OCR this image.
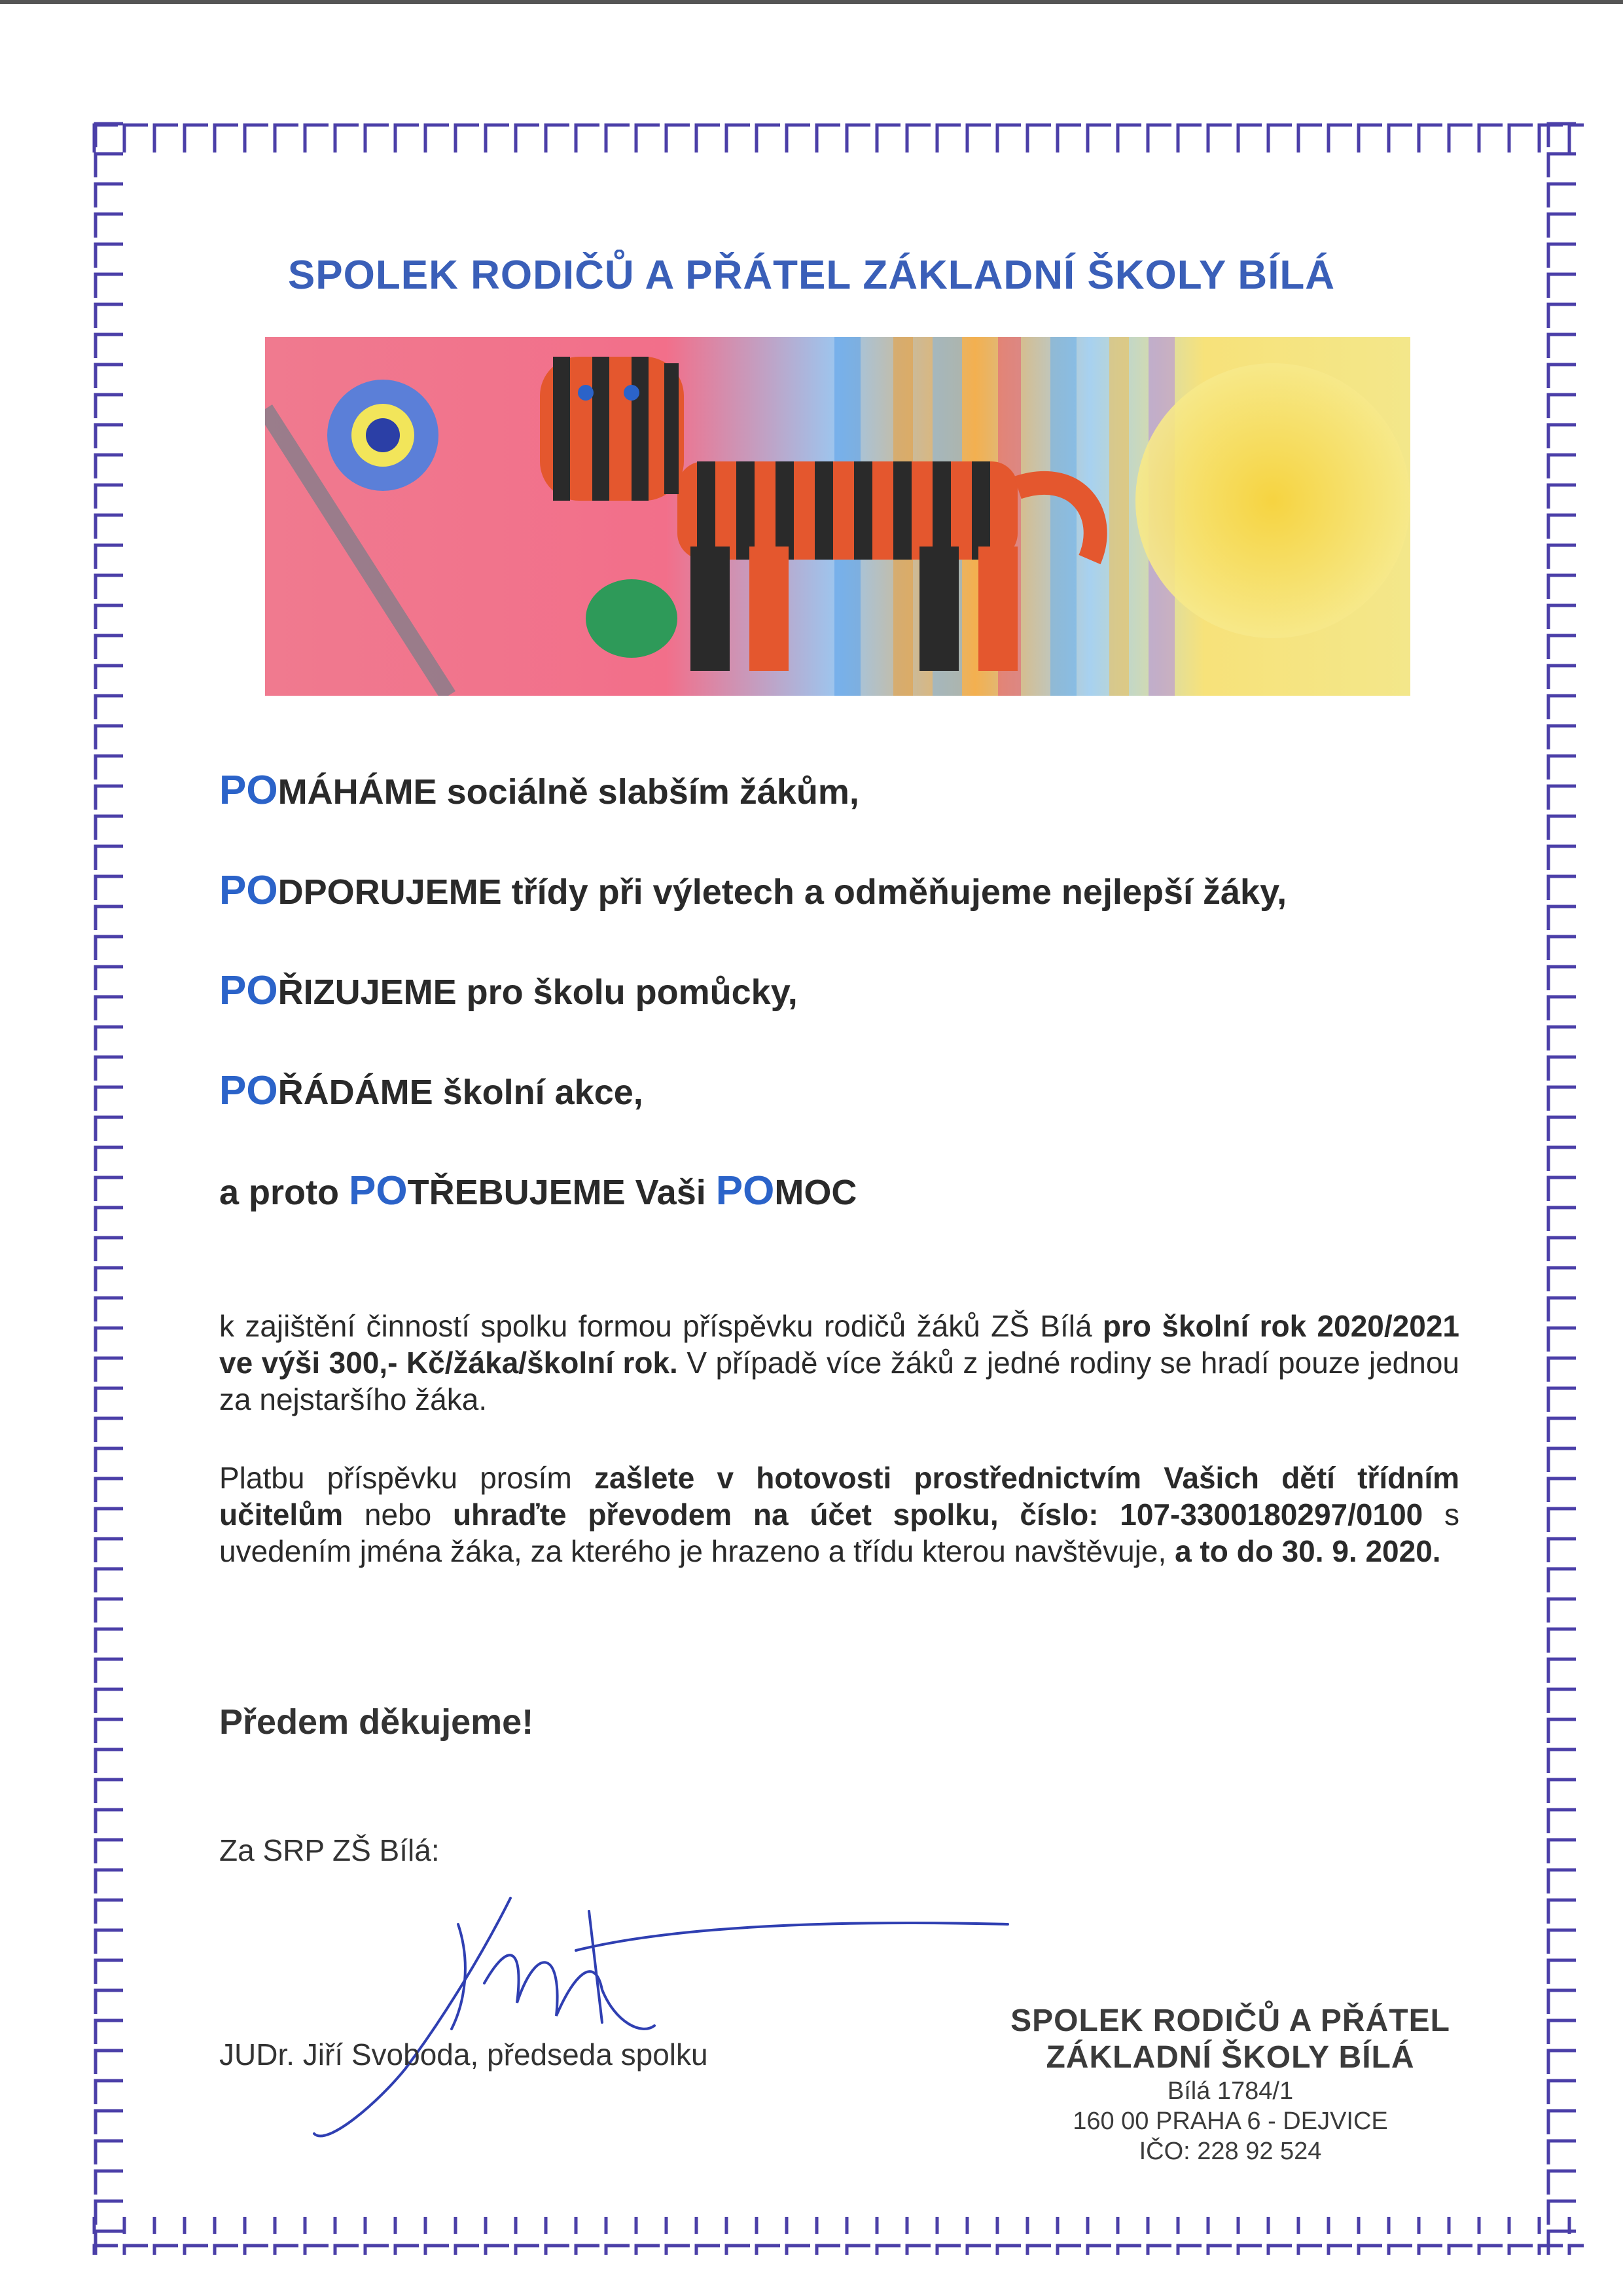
SPOLEK RODIČŮ A PŘÁTEL ZÁKLADNÍ ŠKOLY BÍLÁ
POMÁHÁME sociálně slabším žákům,
PODPORUJEME třídy při výletech a odměňujeme nejlepší žáky,
POŘIZUJEME pro školu pomůcky,
POŘÁDÁME školní akce,
a proto POTŘEBUJEME Vaši POMOC
k zajištění činností spolku formou příspěvku rodičů žáků ZŠ Bílá pro školní rok 2020/2021 ve výši 300,- Kč/žáka/školní rok. V případě více žáků z jedné rodiny se hradí pouze jednou za nejstaršího žáka.
Platbu příspěvku prosím zašlete v hotovosti prostřednictvím Vašich dětí třídním učitelům nebo uhraďte převodem na účet spolku, číslo: 107-3300180297/0100 s uvedením jména žáka, za kterého je hrazeno a třídu kterou navštěvuje, a to do 30. 9. 2020.
Předem děkujeme!
Za SRP ZŠ Bílá:
JUDr. Jiří Svoboda, předseda spolku
SPOLEK RODIČŮ A PŘÁTEL
ZÁKLADNÍ ŠKOLY BÍLÁ
Bílá 1784/1
160 00 PRAHA 6 - DEJVICE
IČO: 228 92 524
